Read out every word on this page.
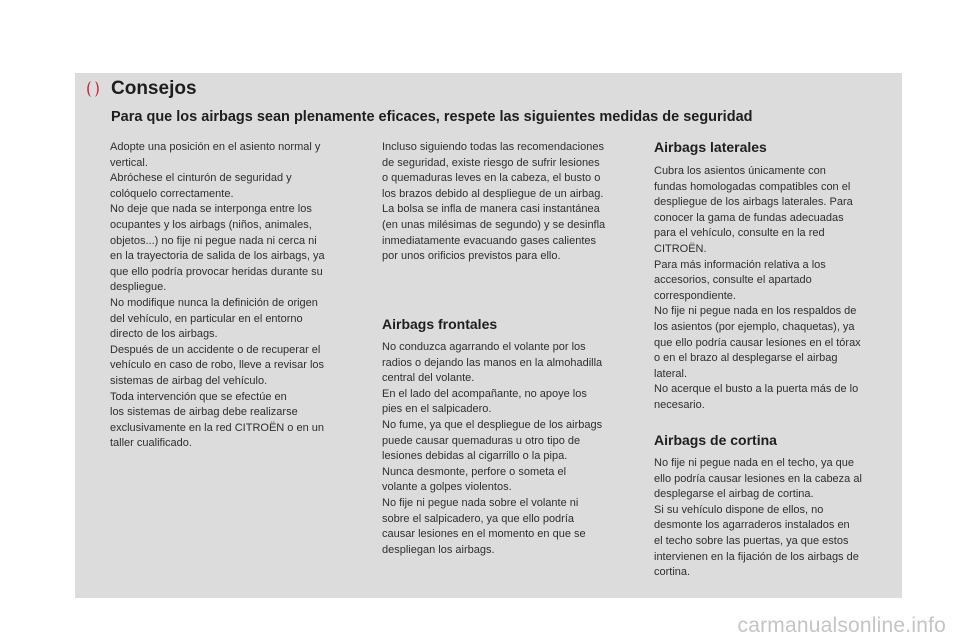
Consejos
Para que los airbags sean plenamente eficaces, respete las siguientes medidas de seguridad

Adopte una posición en el asiento normal y

vertical.

Abróchese el cinturón de seguridad y

colóquelo correctamente.

No deje que nada se interponga entre los

ocupantes y los airbags (niños, animales,

objetos...) no fije ni pegue nada ni cerca ni

en la trayectoria de salida de los airbags, ya

que ello podría provocar heridas durante su

despliegue.

No modifique nunca la definición de origen

del vehículo, en particular en el entorno

directo de los airbags.

Después de un accidente o de recuperar el

vehículo en caso de robo, lleve a revisar los

sistemas de airbag del vehículo.

Toda intervención que se efectúe en

los sistemas de airbag debe realizarse

exclusivamente en la red CITROËN o en un

taller cualificado.

Incluso siguiendo todas las recomendaciones

de seguridad, existe riesgo de sufrir lesiones

o quemaduras leves en la cabeza, el busto o

los brazos debido al despliegue de un airbag.

La bolsa se infla de manera casi instantánea

(en unas milésimas de segundo) y se desinfla

inmediatamente evacuando gases calientes

por unos orificios previstos para ello.

Airbags frontales

No conduzca agarrando el volante por los

radios o dejando las manos en la almohadilla

central del volante.

En el lado del acompañante, no apoye los

pies en el salpicadero.

No fume, ya que el despliegue de los airbags

puede causar quemaduras u otro tipo de

lesiones debidas al cigarrillo o la pipa.

Nunca desmonte, perfore o someta el

volante a golpes violentos.

No fije ni pegue nada sobre el volante ni

sobre el salpicadero, ya que ello podría

causar lesiones en el momento en que se

despliegan los airbags.

Airbags laterales

Cubra los asientos únicamente con

fundas homologadas compatibles con el

despliegue de los airbags laterales. Para

conocer la gama de fundas adecuadas

para el vehículo, consulte en la red

CITROËN.

Para más información relativa a los

accesorios, consulte el apartado

correspondiente.

No fije ni pegue nada en los respaldos de

los asientos (por ejemplo, chaquetas), ya

que ello podría causar lesiones en el tórax

o en el brazo al desplegarse el airbag

lateral.

No acerque el busto a la puerta más de lo

necesario.

Airbags de cortina

No fije ni pegue nada en el techo, ya que

ello podría causar lesiones en la cabeza al

desplegarse el airbag de cortina.

Si su vehículo dispone de ellos, no

desmonte los agarraderos instalados en

el techo sobre las puertas, ya que estos

intervienen en la fijación de los airbags de

cortina.

carmanualsonline.info
